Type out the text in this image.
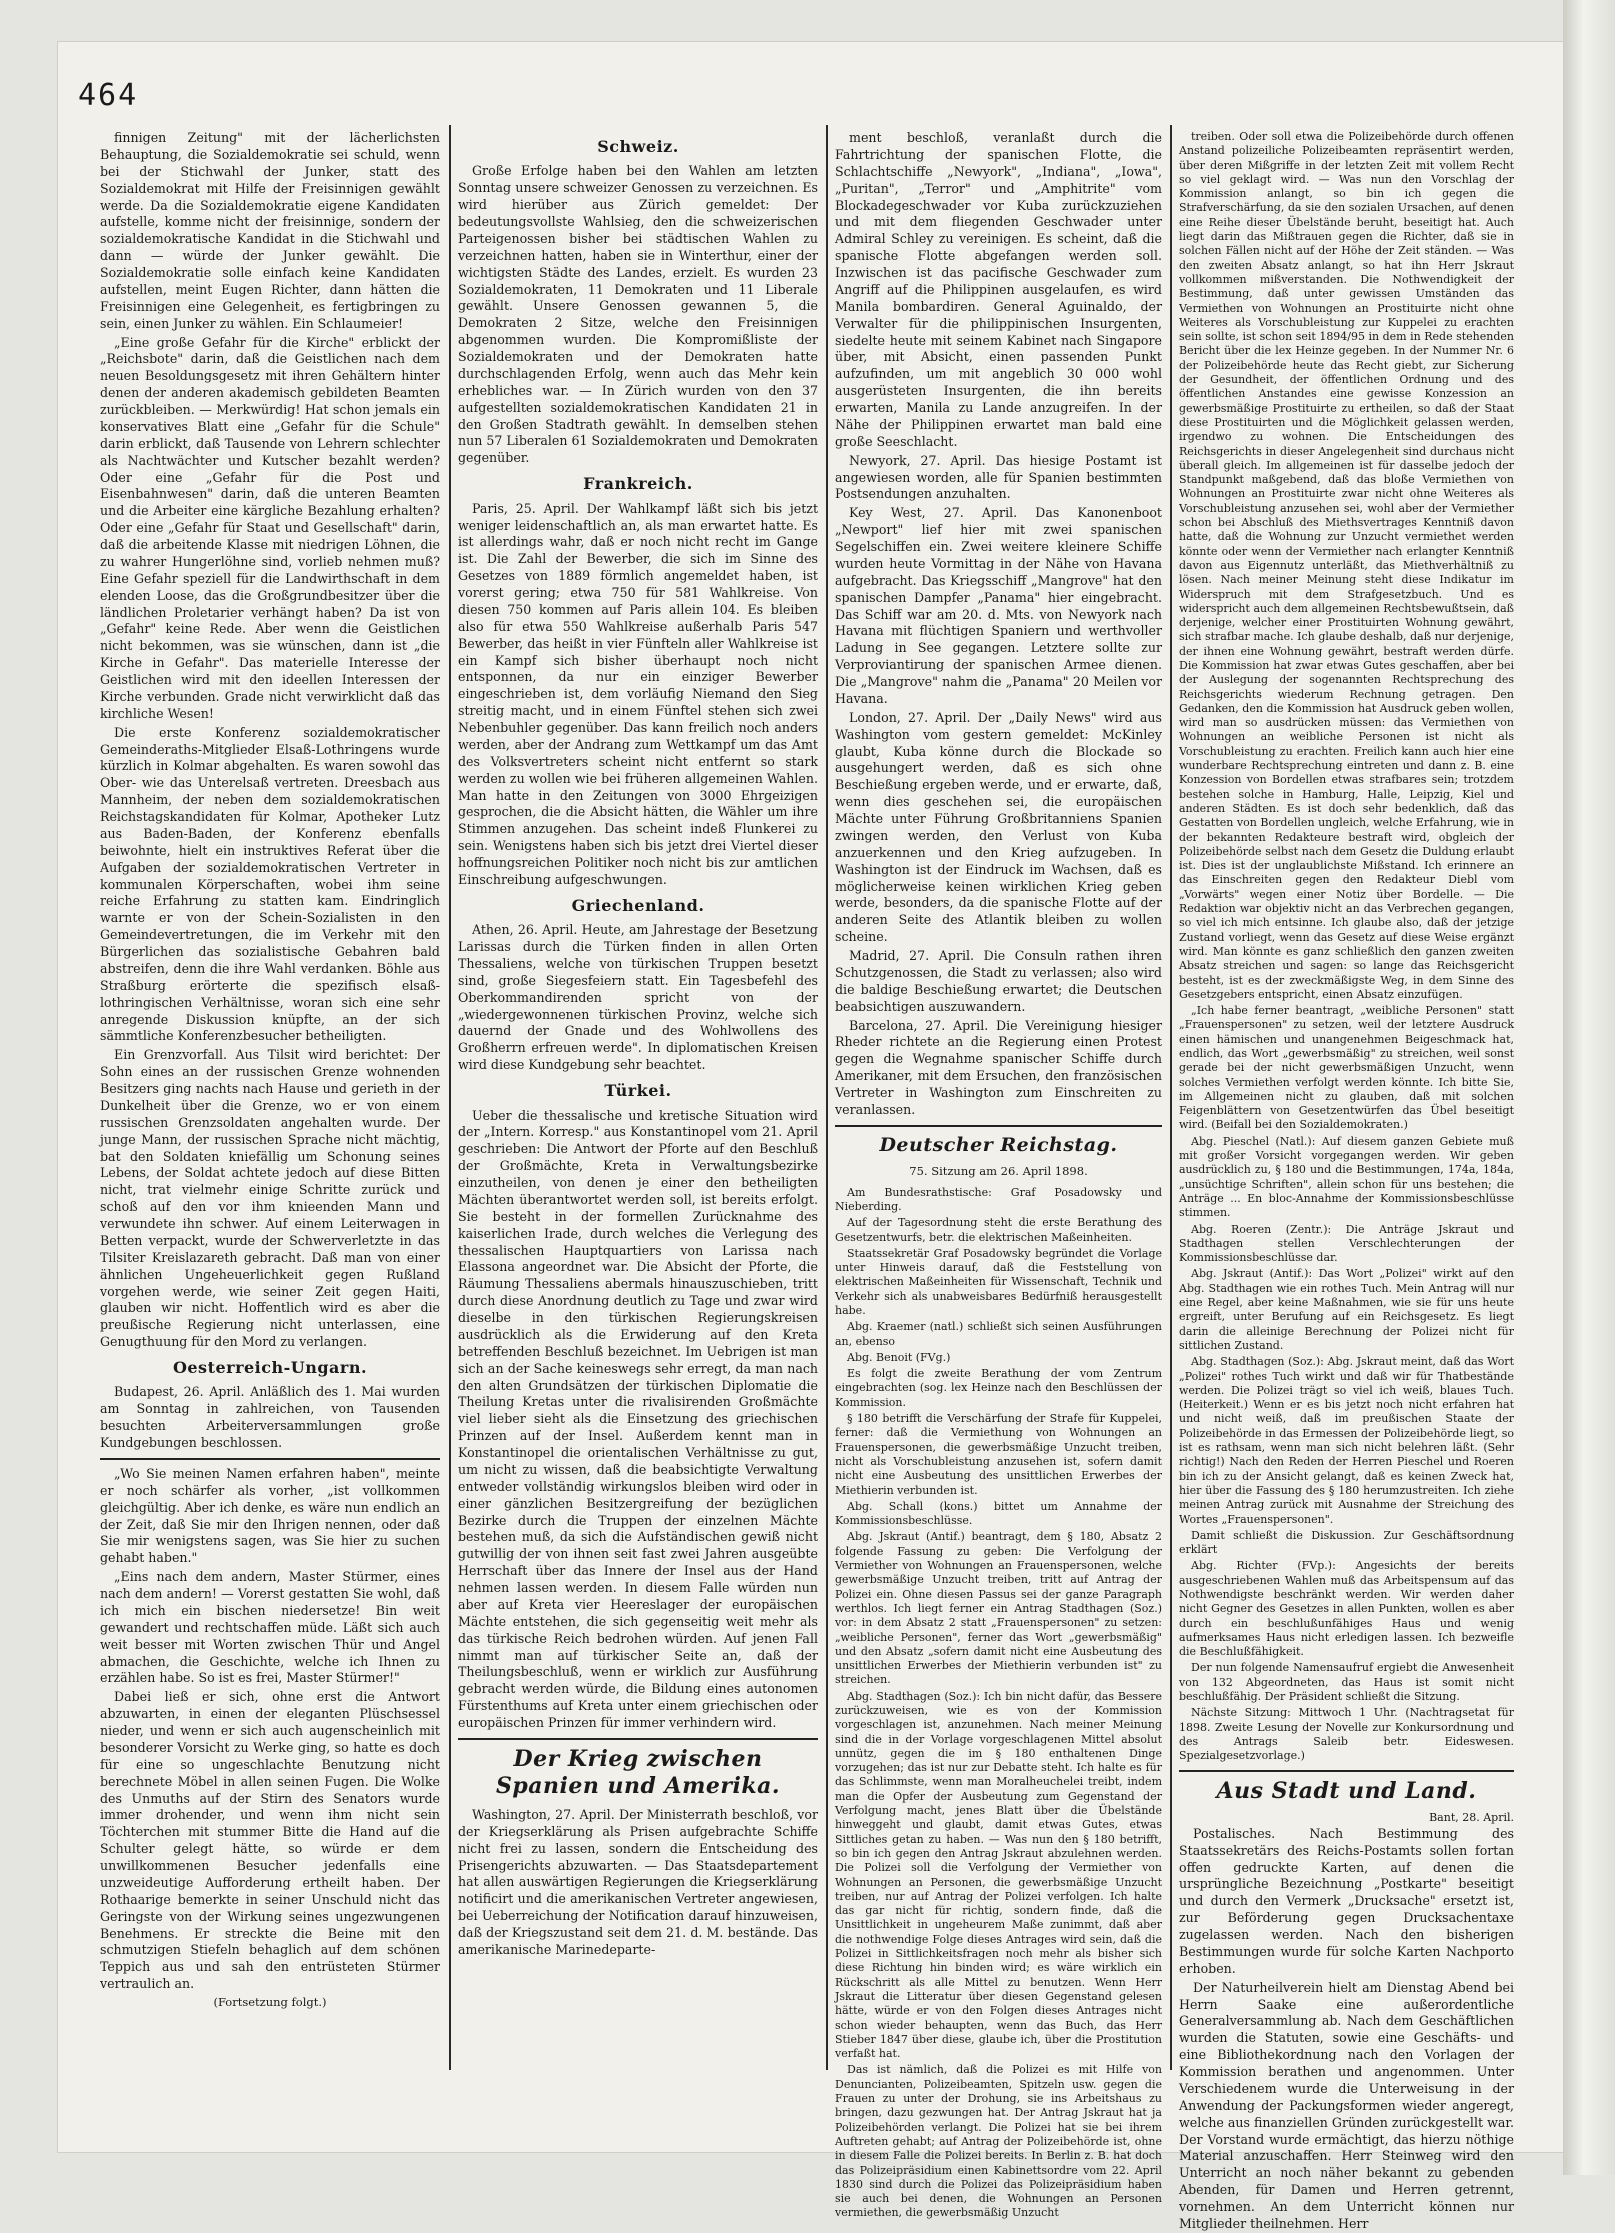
464

finnigen Zeitung" mit der lächerlichsten Behauptung, die Sozialdemokratie sei schuld, wenn bei der Stichwahl der Junker, statt des Sozialdemokrat mit Hilfe der Freisinnigen gewählt werde. Da die Sozialdemokratie eigene Kandidaten aufstelle, komme nicht der freisinnige, sondern der sozialdemokratische Kandidat in die Stichwahl und dann — würde der Junker gewählt. Die Sozialdemokratie solle einfach keine Kandidaten aufstellen, meint Eugen Richter, dann hätten die Freisinnigen eine Gelegenheit, es fertigbringen zu sein, einen Junker zu wählen. Ein Schlaumeier!

„Eine große Gefahr für die Kirche" erblickt der „Reichsbote" darin, daß die Geistlichen nach dem neuen Besoldungsgesetz mit ihren Gehältern hinter denen der anderen akademisch gebildeten Beamten zurückbleiben. — Merkwürdig! Hat schon jemals ein konservatives Blatt eine „Gefahr für die Schule" darin erblickt, daß Tausende von Lehrern schlechter als Nachtwächter und Kutscher bezahlt werden? Oder eine „Gefahr für die Post und Eisenbahnwesen" darin, daß die unteren Beamten und die Arbeiter eine kärgliche Bezahlung erhalten? Oder eine „Gefahr für Staat und Gesellschaft" darin, daß die arbeitende Klasse mit niedrigen Löhnen, die zu wahrer Hungerlöhne sind, vorlieb nehmen muß? Eine Gefahr speziell für die Landwirthschaft in dem elenden Loose, das die Großgrundbesitzer über die ländlichen Proletarier verhängt haben? Da ist von „Gefahr" keine Rede. Aber wenn die Geistlichen nicht bekommen, was sie wünschen, dann ist „die Kirche in Gefahr". Das materielle Interesse der Geistlichen wird mit den ideellen Interessen der Kirche verbunden. Grade nicht verwirklicht daß das kirchliche Wesen!

Die erste Konferenz sozialdemokratischer Gemeinderaths-Mitglieder Elsaß-Lothringens wurde kürzlich in Kolmar abgehalten. Es waren sowohl das Ober- wie das Unterelsaß vertreten. Dreesbach aus Mannheim, der neben dem sozialdemokratischen Reichstagskandidaten für Kolmar, Apotheker Lutz aus Baden-Baden, der Konferenz ebenfalls beiwohnte, hielt ein instruktives Referat über die Aufgaben der sozialdemokratischen Vertreter in kommunalen Körperschaften, wobei ihm seine reiche Erfahrung zu statten kam. Eindringlich warnte er von der Schein-Sozialisten in den Gemeindevertretungen, die im Verkehr mit den Bürgerlichen das sozialistische Gebahren bald abstreifen, denn die ihre Wahl verdanken. Böhle aus Straßburg erörterte die spezifisch elsaß-lothringischen Verhältnisse, woran sich eine sehr anregende Diskussion knüpfte, an der sich sämmtliche Konferenzbesucher betheiligten.

Ein Grenzvorfall. Aus Tilsit wird berichtet: Der Sohn eines an der russischen Grenze wohnenden Besitzers ging nachts nach Hause und gerieth in der Dunkelheit über die Grenze, wo er von einem russischen Grenzsoldaten angehalten wurde. Der junge Mann, der russischen Sprache nicht mächtig, bat den Soldaten kniefällig um Schonung seines Lebens, der Soldat achtete jedoch auf diese Bitten nicht, trat vielmehr einige Schritte zurück und schoß auf den vor ihm knieenden Mann und verwundete ihn schwer. Auf einem Leiterwagen in Betten verpackt, wurde der Schwerverletzte in das Tilsiter Kreislazareth gebracht. Daß man von einer ähnlichen Ungeheuerlichkeit gegen Rußland vorgehen werde, wie seiner Zeit gegen Haiti, glauben wir nicht. Hoffentlich wird es aber die preußische Regierung nicht unterlassen, eine Genugthuung für den Mord zu verlangen.

Oesterreich-Ungarn.

Budapest, 26. April. Anläßlich des 1. Mai wurden am Sonntag in zahlreichen, von Tausenden besuchten Arbeiterversammlungen große Kundgebungen beschlossen.

„Wo Sie meinen Namen erfahren haben", meinte er noch schärfer als vorher, „ist vollkommen gleichgültig. Aber ich denke, es wäre nun endlich an der Zeit, daß Sie mir den Ihrigen nennen, oder daß Sie mir wenigstens sagen, was Sie hier zu suchen gehabt haben."

„Eins nach dem andern, Master Stürmer, eines nach dem andern! — Vorerst gestatten Sie wohl, daß ich mich ein bischen niedersetze! Bin weit gewandert und rechtschaffen müde. Läßt sich auch weit besser mit Worten zwischen Thür und Angel abmachen, die Geschichte, welche ich Ihnen zu erzählen habe. So ist es frei, Master Stürmer!"

Dabei ließ er sich, ohne erst die Antwort abzuwarten, in einen der eleganten Plüschsessel nieder, und wenn er sich auch augenscheinlich mit besonderer Vorsicht zu Werke ging, so hatte es doch für eine so ungeschlachte Benutzung nicht berechnete Möbel in allen seinen Fugen. Die Wolke des Unmuths auf der Stirn des Senators wurde immer drohender, und wenn ihm nicht sein Töchterchen mit stummer Bitte die Hand auf die Schulter gelegt hätte, so würde er dem unwillkommenen Besucher jedenfalls eine unzweideutige Aufforderung ertheilt haben. Der Rothaarige bemerkte in seiner Unschuld nicht das Geringste von der Wirkung seines ungezwungenen Benehmens. Er streckte die Beine mit den schmutzigen Stiefeln behaglich auf dem schönen Teppich aus und sah den entrüsteten Stürmer vertraulich an.

(Fortsetzung folgt.)
Schweiz.

Große Erfolge haben bei den Wahlen am letzten Sonntag unsere schweizer Genossen zu verzeichnen. Es wird hierüber aus Zürich gemeldet: Der bedeutungsvollste Wahlsieg, den die schweizerischen Parteigenossen bisher bei städtischen Wahlen zu verzeichnen hatten, haben sie in Winterthur, einer der wichtigsten Städte des Landes, erzielt. Es wurden 23 Sozialdemokraten, 11 Demokraten und 11 Liberale gewählt. Unsere Genossen gewannen 5, die Demokraten 2 Sitze, welche den Freisinnigen abgenommen wurden. Die Kompromißliste der Sozialdemokraten und der Demokraten hatte durchschlagenden Erfolg, wenn auch das Mehr kein erhebliches war. — In Zürich wurden von den 37 aufgestellten sozialdemokratischen Kandidaten 21 in den Großen Stadtrath gewählt. In demselben stehen nun 57 Liberalen 61 Sozialdemokraten und Demokraten gegenüber.

Frankreich.

Paris, 25. April. Der Wahlkampf läßt sich bis jetzt weniger leidenschaftlich an, als man erwartet hatte. Es ist allerdings wahr, daß er noch nicht recht im Gange ist. Die Zahl der Bewerber, die sich im Sinne des Gesetzes von 1889 förmlich angemeldet haben, ist vorerst gering; etwa 750 für 581 Wahlkreise. Von diesen 750 kommen auf Paris allein 104. Es bleiben also für etwa 550 Wahlkreise außerhalb Paris 547 Bewerber, das heißt in vier Fünfteln aller Wahlkreise ist ein Kampf sich bisher überhaupt noch nicht entsponnen, da nur ein einziger Bewerber eingeschrieben ist, dem vorläufig Niemand den Sieg streitig macht, und in einem Fünftel stehen sich zwei Nebenbuhler gegenüber. Das kann freilich noch anders werden, aber der Andrang zum Wettkampf um das Amt des Volksvertreters scheint nicht entfernt so stark werden zu wollen wie bei früheren allgemeinen Wahlen. Man hatte in den Zeitungen von 3000 Ehrgeizigen gesprochen, die die Absicht hätten, die Wähler um ihre Stimmen anzugehen. Das scheint indeß Flunkerei zu sein. Wenigstens haben sich bis jetzt drei Viertel dieser hoffnungsreichen Politiker noch nicht bis zur amtlichen Einschreibung aufgeschwungen.

Griechenland.

Athen, 26. April. Heute, am Jahrestage der Besetzung Larissas durch die Türken finden in allen Orten Thessaliens, welche von türkischen Truppen besetzt sind, große Siegesfeiern statt. Ein Tagesbefehl des Oberkommandirenden spricht von der „wiedergewonnenen türkischen Provinz, welche sich dauernd der Gnade und des Wohlwollens des Großherrn erfreuen werde". In diplomatischen Kreisen wird diese Kundgebung sehr beachtet.

Türkei.

Ueber die thessalische und kretische Situation wird der „Intern. Korresp." aus Konstantinopel vom 21. April geschrieben: Die Antwort der Pforte auf den Beschluß der Großmächte, Kreta in Verwaltungsbezirke einzutheilen, von denen je einer den betheiligten Mächten überantwortet werden soll, ist bereits erfolgt. Sie besteht in der formellen Zurücknahme des kaiserlichen Irade, durch welches die Verlegung des thessalischen Hauptquartiers von Larissa nach Elassona angeordnet war. Die Absicht der Pforte, die Räumung Thessaliens abermals hinauszuschieben, tritt durch diese Anordnung deutlich zu Tage und zwar wird dieselbe in den türkischen Regierungskreisen ausdrücklich als die Erwiderung auf den Kreta betreffenden Beschluß bezeichnet. Im Uebrigen ist man sich an der Sache keineswegs sehr erregt, da man nach den alten Grundsätzen der türkischen Diplomatie die Theilung Kretas unter die rivalisirenden Großmächte viel lieber sieht als die Einsetzung des griechischen Prinzen auf der Insel. Außerdem kennt man in Konstantinopel die orientalischen Verhältnisse zu gut, um nicht zu wissen, daß die beabsichtigte Verwaltung entweder vollständig wirkungslos bleiben wird oder in einer gänzlichen Besitzergreifung der bezüglichen Bezirke durch die Truppen der einzelnen Mächte bestehen muß, da sich die Aufständischen gewiß nicht gutwillig der von ihnen seit fast zwei Jahren ausgeübte Herrschaft über das Innere der Insel aus der Hand nehmen lassen werden. In diesem Falle würden nun aber auf Kreta vier Heereslager der europäischen Mächte entstehen, die sich gegenseitig weit mehr als das türkische Reich bedrohen würden. Auf jenen Fall nimmt man auf türkischer Seite an, daß der Theilungsbeschluß, wenn er wirklich zur Ausführung gebracht werden würde, die Bildung eines autonomen Fürstenthums auf Kreta unter einem griechischen oder europäischen Prinzen für immer verhindern wird.

Der Krieg zwischen Spanien und Amerika.

Washington, 27. April. Der Ministerrath beschloß, vor der Kriegserklärung als Prisen aufgebrachte Schiffe nicht frei zu lassen, sondern die Entscheidung des Prisengerichts abzuwarten. — Das Staatsdepartement hat allen auswärtigen Regierungen die Kriegserklärung notificirt und die amerikanischen Vertreter angewiesen, bei Ueberreichung der Notification darauf hinzuweisen, daß der Kriegszustand seit dem 21. d. M. bestände. Das amerikanische Marinedeparte-

ment beschloß, veranlaßt durch die Fahrtrichtung der spanischen Flotte, die Schlachtschiffe „Newyork", „Indiana", „Iowa", „Puritan", „Terror" und „Amphitrite" vom Blockadegeschwader vor Kuba zurückzuziehen und mit dem fliegenden Geschwader unter Admiral Schley zu vereinigen. Es scheint, daß die spanische Flotte abgefangen werden soll. Inzwischen ist das pacifische Geschwader zum Angriff auf die Philippinen ausgelaufen, es wird Manila bombardiren. General Aguinaldo, der Verwalter für die philippinischen Insurgenten, siedelte heute mit seinem Kabinet nach Singapore über, mit Absicht, einen passenden Punkt aufzufinden, um mit angeblich 30 000 wohl ausgerüsteten Insurgenten, die ihn bereits erwarten, Manila zu Lande anzugreifen. In der Nähe der Philippinen erwartet man bald eine große Seeschlacht.

Newyork, 27. April. Das hiesige Postamt ist angewiesen worden, alle für Spanien bestimmten Postsendungen anzuhalten.

Key West, 27. April. Das Kanonenboot „Newport" lief hier mit zwei spanischen Segelschiffen ein. Zwei weitere kleinere Schiffe wurden heute Vormittag in der Nähe von Havana aufgebracht. Das Kriegsschiff „Mangrove" hat den spanischen Dampfer „Panama" hier eingebracht. Das Schiff war am 20. d. Mts. von Newyork nach Havana mit flüchtigen Spaniern und werthvoller Ladung in See gegangen. Letztere sollte zur Verproviantirung der spanischen Armee dienen. Die „Mangrove" nahm die „Panama" 20 Meilen vor Havana.

London, 27. April. Der „Daily News" wird aus Washington vom gestern gemeldet: McKinley glaubt, Kuba könne durch die Blockade so ausgehungert werden, daß es sich ohne Beschießung ergeben werde, und er erwarte, daß, wenn dies geschehen sei, die europäischen Mächte unter Führung Großbritanniens Spanien zwingen werden, den Verlust von Kuba anzuerkennen und den Krieg aufzugeben. In Washington ist der Eindruck im Wachsen, daß es möglicherweise keinen wirklichen Krieg geben werde, besonders, da die spanische Flotte auf der anderen Seite des Atlantik bleiben zu wollen scheine.

Madrid, 27. April. Die Consuln rathen ihren Schutzgenossen, die Stadt zu verlassen; also wird die baldige Beschießung erwartet; die Deutschen beabsichtigen auszuwandern.

Barcelona, 27. April. Die Vereinigung hiesiger Rheder richtete an die Regierung einen Protest gegen die Wegnahme spanischer Schiffe durch Amerikaner, mit dem Ersuchen, den französischen Vertreter in Washington zum Einschreiten zu veranlassen.

Deutscher Reichstag.
75. Sitzung am 26. April 1898.

Am Bundesrathstische: Graf Posadowsky und Nieberding.

Auf der Tagesordnung steht die erste Berathung des Gesetzentwurfs, betr. die elektrischen Maßeinheiten.

Staatssekretär Graf Posadowsky begründet die Vorlage unter Hinweis darauf, daß die Feststellung von elektrischen Maßeinheiten für Wissenschaft, Technik und Verkehr sich als unabweisbares Bedürfniß herausgestellt habe.

Abg. Kraemer (natl.) schließt sich seinen Ausführungen an, ebenso

Abg. Benoit (FVg.)

Es folgt die zweite Berathung der vom Zentrum eingebrachten (sog. lex Heinze nach den Beschlüssen der Kommission.

§ 180 betrifft die Verschärfung der Strafe für Kuppelei, ferner: daß die Vermiethung von Wohnungen an Frauenspersonen, die gewerbsmäßige Unzucht treiben, nicht als Vorschubleistung anzusehen ist, sofern damit nicht eine Ausbeutung des unsittlichen Erwerbes der Miethierin verbunden ist.

Abg. Schall (kons.) bittet um Annahme der Kommissionsbeschlüsse.

Abg. Jskraut (Antif.) beantragt, dem § 180, Absatz 2 folgende Fassung zu geben: Die Verfolgung der Vermiether von Wohnungen an Frauenspersonen, welche gewerbsmäßige Unzucht treiben, tritt auf Antrag der Polizei ein. Ohne diesen Passus sei der ganze Paragraph werthlos. Ich liegt ferner ein Antrag Stadthagen (Soz.) vor: in dem Absatz 2 statt „Frauenspersonen" zu setzen: „weibliche Personen", ferner das Wort „gewerbsmäßig" und den Absatz „sofern damit nicht eine Ausbeutung des unsittlichen Erwerbes der Miethierin verbunden ist" zu streichen.

Abg. Stadthagen (Soz.): Ich bin nicht dafür, das Bessere zurückzuweisen, wie es von der Kommission vorgeschlagen ist, anzunehmen. Nach meiner Meinung sind die in der Vorlage vorgeschlagenen Mittel absolut unnütz, gegen die im § 180 enthaltenen Dinge vorzugehen; das ist nur zur Debatte steht. Ich halte es für das Schlimmste, wenn man Moralheuchelei treibt, indem man die Opfer der Ausbeutung zum Gegenstand der Verfolgung macht, jenes Blatt über die Übelstände hinweggeht und glaubt, damit etwas Gutes, etwas Sittliches getan zu haben. — Was nun den § 180 betrifft, so bin ich gegen den Antrag Jskraut abzulehnen werden. Die Polizei soll die Verfolgung der Vermiether von Wohnungen an Personen, die gewerbsmäßige Unzucht treiben, nur auf Antrag der Polizei verfolgen. Ich halte das gar nicht für richtig, sondern finde, daß die Unsittlichkeit in ungeheurem Maße zunimmt, daß aber die nothwendige Folge dieses Antrages wird sein, daß die Polizei in Sittlichkeitsfragen noch mehr als bisher sich diese Richtung hin binden wird; es wäre wirklich ein Rückschritt als alle Mittel zu benutzen. Wenn Herr Jskraut die Litteratur über diesen Gegenstand gelesen hätte, würde er von den Folgen dieses Antrages nicht schon wieder behaupten, wenn das Buch, das Herr Stieber 1847 über diese, glaube ich, über die Prostitution verfaßt hat.

Das ist nämlich, daß die Polizei es mit Hilfe von Denuncianten, Polizeibeamten, Spitzeln usw. gegen die Frauen zu unter der Drohung, sie ins Arbeitshaus zu bringen, dazu gezwungen hat. Der Antrag Jskraut hat ja Polizeibehörden verlangt. Die Polizei hat sie bei ihrem Auftreten gehabt; auf Antrag der Polizeibehörde ist, ohne in diesem Falle die Polizei bereits. In Berlin z. B. hat doch das Polizeipräsidium einen Kabinettsordre vom 22. April 1830 sind durch die Polizei das Polizeipräsidium haben sie auch bei denen, die Wohnungen an Personen vermiethen, die gewerbsmäßig Unzucht

treiben. Oder soll etwa die Polizeibehörde durch offenen Anstand polizeiliche Polizeibeamten repräsentirt werden, über deren Mißgriffe in der letzten Zeit mit vollem Recht so viel geklagt wird. — Was nun den Vorschlag der Kommission anlangt, so bin ich gegen die Strafverschärfung, da sie den sozialen Ursachen, auf denen eine Reihe dieser Übelstände beruht, beseitigt hat. Auch liegt darin das Mißtrauen gegen die Richter, daß sie in solchen Fällen nicht auf der Höhe der Zeit ständen. — Was den zweiten Absatz anlangt, so hat ihn Herr Jskraut vollkommen mißverstanden. Die Nothwendigkeit der Bestimmung, daß unter gewissen Umständen das Vermiethen von Wohnungen an Prostituirte nicht ohne Weiteres als Vorschubleistung zur Kuppelei zu erachten sein sollte, ist schon seit 1894/95 in dem in Rede stehenden Bericht über die lex Heinze gegeben. In der Nummer Nr. 6 der Polizeibehörde heute das Recht giebt, zur Sicherung der Gesundheit, der öffentlichen Ordnung und des öffentlichen Anstandes eine gewisse Konzession an gewerbsmäßige Prostituirte zu ertheilen, so daß der Staat diese Prostituirten und die Möglichkeit gelassen werden, irgendwo zu wohnen. Die Entscheidungen des Reichsgerichts in dieser Angelegenheit sind durchaus nicht überall gleich. Im allgemeinen ist für dasselbe jedoch der Standpunkt maßgebend, daß das bloße Vermiethen von Wohnungen an Prostituirte zwar nicht ohne Weiteres als Vorschubleistung anzusehen sei, wohl aber der Vermiether schon bei Abschluß des Miethsvertrages Kenntniß davon hatte, daß die Wohnung zur Unzucht vermiethet werden könnte oder wenn der Vermiether nach erlangter Kenntniß davon aus Eigennutz unterläßt, das Miethverhältniß zu lösen. Nach meiner Meinung steht diese Indikatur im Widerspruch mit dem Strafgesetzbuch. Und es widerspricht auch dem allgemeinen Rechtsbewußtsein, daß derjenige, welcher einer Prostituirten Wohnung gewährt, sich strafbar mache. Ich glaube deshalb, daß nur derjenige, der ihnen eine Wohnung gewährt, bestraft werden dürfe. Die Kommission hat zwar etwas Gutes geschaffen, aber bei der Auslegung der sogenannten Rechtsprechung des Reichsgerichts wiederum Rechnung getragen. Den Gedanken, den die Kommission hat Ausdruck geben wollen, wird man so ausdrücken müssen: das Vermiethen von Wohnungen an weibliche Personen ist nicht als Vorschubleistung zu erachten. Freilich kann auch hier eine wunderbare Rechtsprechung eintreten und dann z. B. eine Konzession von Bordellen etwas strafbares sein; trotzdem bestehen solche in Hamburg, Halle, Leipzig, Kiel und anderen Städten. Es ist doch sehr bedenklich, daß das Gestatten von Bordellen ungleich, welche Erfahrung, wie in der bekannten Redakteure bestraft wird, obgleich der Polizeibehörde selbst nach dem Gesetz die Duldung erlaubt ist. Dies ist der unglaublichste Mißstand. Ich erinnere an das Einschreiten gegen den Redakteur Diebl vom „Vorwärts" wegen einer Notiz über Bordelle. — Die Redaktion war objektiv nicht an das Verbrechen gegangen, so viel ich mich entsinne. Ich glaube also, daß der jetzige Zustand vorliegt, wenn das Gesetz auf diese Weise ergänzt wird. Man könnte es ganz schließlich den ganzen zweiten Absatz streichen und sagen: so lange das Reichsgericht besteht, ist es der zweckmäßigste Weg, in dem Sinne des Gesetzgebers entspricht, einen Absatz einzufügen.

„Ich habe ferner beantragt, „weibliche Personen" statt „Frauenspersonen" zu setzen, weil der letztere Ausdruck einen hämischen und unangenehmen Beigeschmack hat, endlich, das Wort „gewerbsmäßig" zu streichen, weil sonst gerade bei der nicht gewerbsmäßigen Unzucht, wenn solches Vermiethen verfolgt werden könnte. Ich bitte Sie, im Allgemeinen nicht zu glauben, daß mit solchen Feigenblättern von Gesetzentwürfen das Übel beseitigt wird. (Beifall bei den Sozialdemokraten.)

Abg. Pieschel (Natl.): Auf diesem ganzen Gebiete muß mit großer Vorsicht vorgegangen werden. Wir geben ausdrücklich zu, § 180 und die Bestimmungen, 174a, 184a, „unsüchtige Schriften", allein schon für uns bestehen; die Anträge ... En bloc-Annahme der Kommissionsbeschlüsse stimmen.

Abg. Roeren (Zentr.): Die Anträge Jskraut und Stadthagen stellen Verschlechterungen der Kommissionsbeschlüsse dar.

Abg. Jskraut (Antif.): Das Wort „Polizei" wirkt auf den Abg. Stadthagen wie ein rothes Tuch. Mein Antrag will nur eine Regel, aber keine Maßnahmen, wie sie für uns heute ergreift, unter Berufung auf ein Reichsgesetz. Es liegt darin die alleinige Berechnung der Polizei nicht für sittlichen Zustand.

Abg. Stadthagen (Soz.): Abg. Jskraut meint, daß das Wort „Polizei" rothes Tuch wirkt und daß wir für Thatbestände werden. Die Polizei trägt so viel ich weiß, blaues Tuch. (Heiterkeit.) Wenn er es bis jetzt noch nicht erfahren hat und nicht weiß, daß im preußischen Staate der Polizeibehörde in das Ermessen der Polizeibehörde liegt, so ist es rathsam, wenn man sich nicht belehren läßt. (Sehr richtig!) Nach den Reden der Herren Pieschel und Roeren bin ich zu der Ansicht gelangt, daß es keinen Zweck hat, hier über die Fassung des § 180 herumzustreiten. Ich ziehe meinen Antrag zurück mit Ausnahme der Streichung des Wortes „Frauenspersonen".

Damit schließt die Diskussion. Zur Geschäftsordnung erklärt

Abg. Richter (FVp.): Angesichts der bereits ausgeschriebenen Wahlen muß das Arbeitspensum auf das Nothwendigste beschränkt werden. Wir werden daher nicht Gegner des Gesetzes in allen Punkten, wollen es aber durch ein beschlußunfähiges Haus und wenig aufmerksames Haus nicht erledigen lassen. Ich bezweifle die Beschlußfähigkeit.

Der nun folgende Namensaufruf ergiebt die Anwesenheit von 132 Abgeordneten, das Haus ist somit nicht beschlußfähig. Der Präsident schließt die Sitzung.

Nächste Sitzung: Mittwoch 1 Uhr. (Nachtragsetat für 1898. Zweite Lesung der Novelle zur Konkursordnung und des Antrags Saleib betr. Eideswesen. Spezialgesetzvorlage.)

Aus Stadt und Land.
Bant, 28. April.

Postalisches. Nach Bestimmung des Staatssekretärs des Reichs-Postamts sollen fortan offen gedruckte Karten, auf denen die ursprüngliche Bezeichnung „Postkarte" beseitigt und durch den Vermerk „Drucksache" ersetzt ist, zur Beförderung gegen Drucksachentaxe zugelassen werden. Nach den bisherigen Bestimmungen wurde für solche Karten Nachporto erhoben.

Der Naturheilverein hielt am Dienstag Abend bei Herrn Saake eine außerordentliche Generalversammlung ab. Nach dem Geschäftlichen wurden die Statuten, sowie eine Geschäfts- und eine Bibliothekordnung nach den Vorlagen der Kommission berathen und angenommen. Unter Verschiedenem wurde die Unterweisung in der Anwendung der Packungsformen wieder angeregt, welche aus finanziellen Gründen zurückgestellt war. Der Vorstand wurde ermächtigt, das hierzu nöthige Material anzuschaffen. Herr Steinweg wird den Unterricht an noch näher bekannt zu gebenden Abenden, für Damen und Herren getrennt, vornehmen. An dem Unterricht können nur Mitglieder theilnehmen. Herr
